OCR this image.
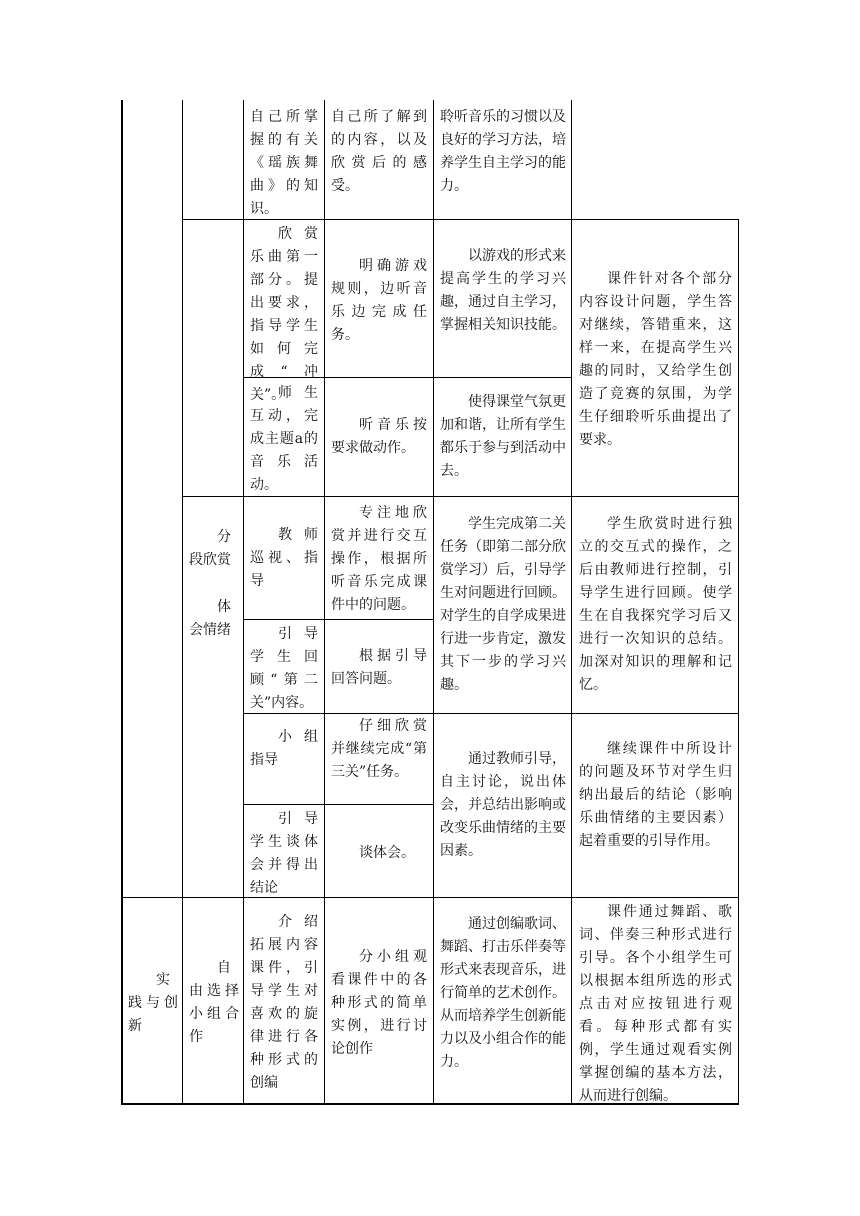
自己所掌握的有关《瑶族舞曲》的知识。
自己所了解到的内容，以及欣赏后的感受。
聆听音乐的习惯以及良好的学习方法，培养学生自主学习的能力。
欣赏乐曲第一部分。提出要求，指导学生如何完成“冲关”。
明确游戏规则，边听音乐边完成任务。
以游戏的形式来提高学生的学习兴趣，通过自主学习，掌握相关知识技能。
课件针对各个部分内容设计问题，学生答对继续，答错重来，这样一来，在提高学生兴趣的同时，又给学生创造了竞赛的氛围，为学生仔细聆听乐曲提出了要求。
师生互动，完成主题a的音乐活动。
听音乐按要求做动作。
使得课堂气氛更加和谐，让所有学生都乐于参与到活动中去。
分段欣赏
体会情绪
教师巡视、指导
专注地欣赏并进行交互操作，根据所听音乐完成课件中的问题。
学生完成第二关任务（即第二部分欣赏学习）后，引导学生对问题进行回顾。对学生的自学成果进行进一步肯定，激发其下一步的学习兴趣。
学生欣赏时进行独立的交互式的操作，之后由教师进行控制，引导学生进行回顾。使学生在自我探究学习后又进行一次知识的总结。加深对知识的理解和记忆。
引导学生回顾“第二关”内容。
根据引导回答问题。
小组指导
仔细欣赏并继续完成“第三关”任务。
通过教师引导，自主讨论，说出体会，并总结出影响或改变乐曲情绪的主要因素。
继续课件中所设计的问题及环节对学生归纳出最后的结论（影响乐曲情绪的主要因素）起着重要的引导作用。
引导学生谈体会并得出结论
谈体会。
实践与创新
自由选择小组合作
介绍拓展内容课件，引导学生对喜欢的旋律进行各种形式的创编
分小组观看课件中的各种形式的简单实例，进行讨论创作
通过创编歌词、舞蹈、打击乐伴奏等形式来表现音乐，进行简单的艺术创作。从而培养学生创新能力以及小组合作的能力。
课件通过舞蹈、歌词、伴奏三种形式进行引导。各个小组学生可以根据本组所选的形式点击对应按钮进行观看。每种形式都有实例，学生通过观看实例掌握创编的基本方法，从而进行创编。
